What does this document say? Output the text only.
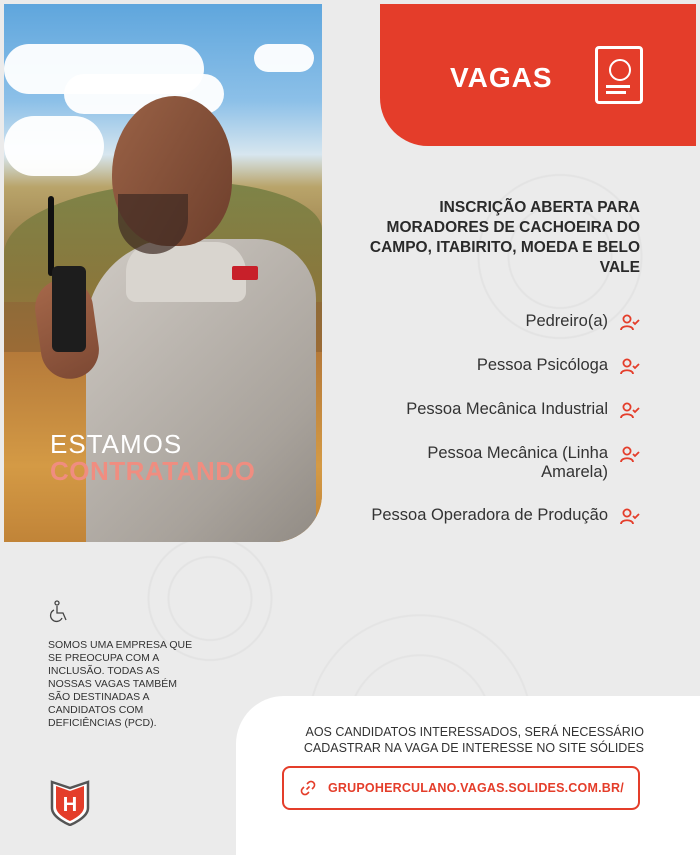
ESTAMOS
CONTRATANDO
VAGAS
INSCRIÇÃO ABERTA PARA MORADORES DE CACHOEIRA DO CAMPO, ITABIRITO, MOEDA E BELO VALE
Pedreiro(a)
Pessoa Psicóloga
Pessoa Mecânica Industrial
Pessoa Mecânica (Linha Amarela)
Pessoa Operadora de Produção
SOMOS UMA EMPRESA QUE SE PREOCUPA COM A INCLUSÃO. TODAS AS NOSSAS VAGAS TAMBÉM SÃO DESTINADAS A CANDIDATOS COM DEFICIÊNCIAS (PCD).
H
AOS CANDIDATOS INTERESSADOS, SERÁ NECESSÁRIO CADASTRAR NA VAGA DE INTERESSE NO SITE SÓLIDES
GRUPOHERCULANO.VAGAS.SOLIDES.COM.BR/
